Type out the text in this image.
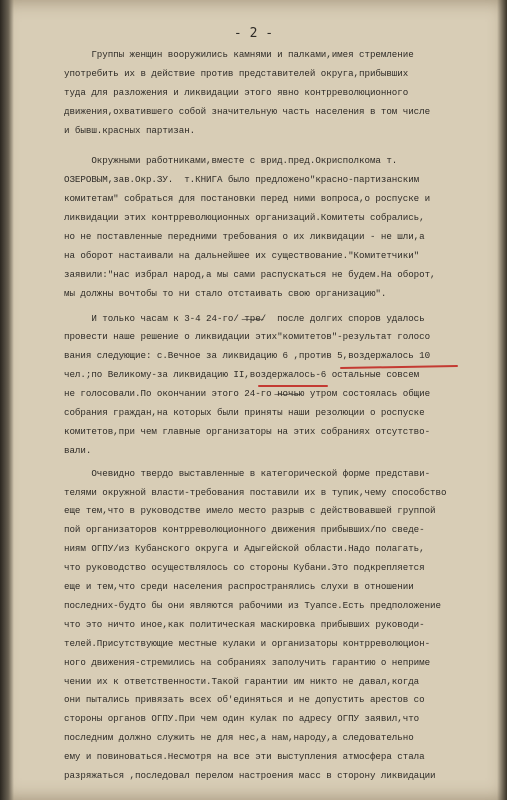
- 2 -
Группы женщин вооружились камнями и палками,имея стремление
употребить их в действие против представителей округа,прибывших
туда для разложения и ликвидации этого явно контрреволюционного
движения,охватившего собой значительную часть населения в том числе
и бывш.красных партизан.
Окружными работниками,вместе с врид.пред.Окрисполкома т.
ОЗЕРОВЫМ,зав.Окр.ЗУ.  т.КНИГА было предложено"красно-партизанским
комитетам" собраться для постановки перед ними вопроса,о роспуске и
ликвидации этих контрреволюционных организаций.Комитеты собрались,
но не поставленные передними требования о их ликвидации - не шли,а
на оборот настаивали на дальнейшее их существование."Комитетчики"
заявили:"нас избрал народ,а мы сами распускаться не будем.На оборот,
мы должны вочтобы то ни стало отстаивать свою организацию".
И только часам к 3-4 24-го/ ̶т̶р̶е̶/  после долгих споров удалось
провести наше решение о ликвидации этих"комитетов"-результат голосо
вания следующие: с.Вечное за ликвидацию 6 ,против 5,воздержалось 10
чел.;по Великому-за ликвидацию II,воздержалось-6 остальные совсем
не голосовали.По окончании этого 24-го ̶н̶о̶ч̶ь̶ю утром состоялась общие
собрания граждан,на которых были приняты наши резолюции о роспуске
комитетов,при чем главные организаторы на этих собраниях отсутство-
вали.
Очевидно твердо выставленные в категорической форме представи-
телями окружной власти-требования поставили их в тупик,чему способство
еще тем,что в руководстве имело место разрыв с действовавшей группой
пой организаторов контрреволюционного движения прибывших/по сведе-
ниям ОГПУ/из Кубанского округа и Адыгейской области.Надо полагать,
что руководство осуществлялось со стороны Кубани.Это подкрепляется
еще и тем,что среди населения распространялись слухи в отношении
последних-будто бы они являются рабочими из Туапсе.Есть предположение
что это ничто иное,как политическая маскировка прибывших руководи-
телей.Присутствующие местные кулаки и организаторы контрреволюцион-
ного движения-стремились на собраниях заполучить гарантию о неприме
чении их к ответственности.Такой гарантии им никто не давал,когда
они пытались привязать всех об'единяться и не допустить арестов со
стороны органов ОГПУ.При чем один кулак по адресу ОГПУ заявил,что
последним должно служить не для нес,а нам,народу,а следовательно
ему и повиноваться.Несмотря на все эти выступления атмосфера стала
разряжаться ,последовал перелом настроения масс в сторону ликвидации
